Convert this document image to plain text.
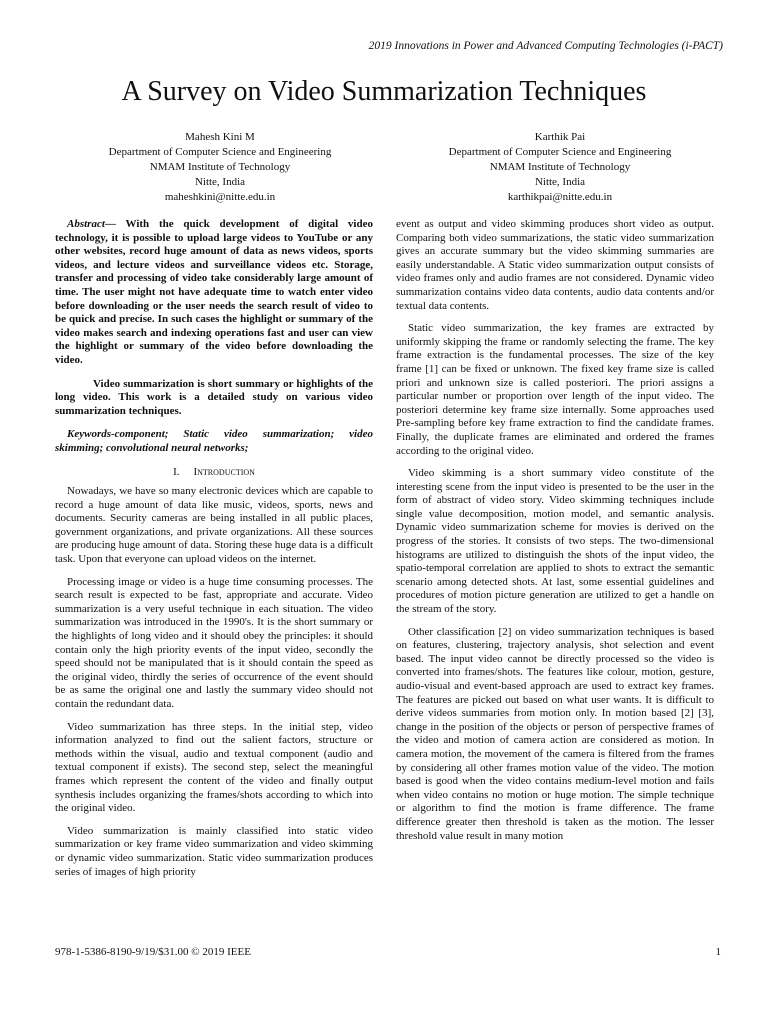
2019 Innovations in Power and Advanced Computing Technologies (i-PACT)
A Survey on Video Summarization Techniques
Mahesh Kini M
Department of Computer Science and Engineering
NMAM Institute of Technology
Nitte, India
maheshkini@nitte.edu.in
Karthik Pai
Department of Computer Science and Engineering
NMAM Institute of Technology
Nitte, India
karthikpai@nitte.edu.in

Abstract— With the quick development of digital video technology, it is possible to upload large videos to YouTube or any other websites, record huge amount of data as news videos, sports videos, and lecture videos and surveillance videos etc. Storage, transfer and processing of video take considerably large amount of time. The user might not have adequate time to watch enter video before downloading or the user needs the search result of video to be quick and precise. In such cases the highlight or summary of the video makes search and indexing operations fast and user can view the highlight or summary of the video before downloading the video.

Video summarization is short summary or highlights of the long video. This work is a detailed study on various video summarization techniques.

Keywords-component; Static video summarization; video skimming; convolutional neural networks;

I. Introduction

Nowadays, we have so many electronic devices which are capable to record a huge amount of data like music, videos, sports, news and documents. Security cameras are being installed in all public places, government organizations, and private organizations. All these sources are producing huge amount of data. Storing these huge data is a difficult task. Upon that everyone can upload videos on the internet.

Processing image or video is a huge time consuming processes. The search result is expected to be fast, appropriate and accurate. Video summarization is a very useful technique in each situation. The video summarization was introduced in the 1990's. It is the short summary or the highlights of long video and it should obey the principles: it should contain only the high priority events of the input video, secondly the speed should not be manipulated that is it should contain the speed as the original video, thirdly the series of occurrence of the event should be as same the original one and lastly the summary video should not contain the redundant data.

Video summarization has three steps. In the initial step, video information analyzed to find out the salient factors, structure or methods within the visual, audio and textual component (audio and textual component if exists). The second step, select the meaningful frames which represent the content of the video and finally output synthesis includes organizing the frames/shots according to which into the original video.

Video summarization is mainly classified into static video summarization or key frame video summarization and video skimming or dynamic video summarization. Static video summarization produces series of images of high priority

event as output and video skimming produces short video as output. Comparing both video summarizations, the static video summarization gives an accurate summary but the video skimming summaries are easily understandable. A Static video summarization output consists of video frames only and audio frames are not considered. Dynamic video summarization contains video data contents, audio data contents and/or textual data contents.

Static video summarization, the key frames are extracted by uniformly skipping the frame or randomly selecting the frame. The key frame extraction is the fundamental processes. The size of the key frame [1] can be fixed or unknown. The fixed key frame size is called priori and unknown size is called posteriori. The priori assigns a particular number or proportion over length of the input video. The posteriori determine key frame size internally. Some approaches used Pre-sampling before key frame extraction to find the candidate frames. Finally, the duplicate frames are eliminated and ordered the frames according to the original video.

Video skimming is a short summary video constitute of the interesting scene from the input video is presented to be the user in the form of abstract of video story. Video skimming techniques include single value decomposition, motion model, and semantic analysis. Dynamic video summarization scheme for movies is derived on the progress of the stories. It consists of two steps. The two-dimensional histograms are utilized to distinguish the shots of the input video, the spatio-temporal correlation are applied to shots to extract the semantic scenario among detected shots. At last, some essential guidelines and procedures of motion picture generation are utilized to get a handle on the stream of the story.

Other classification [2] on video summarization techniques is based on features, clustering, trajectory analysis, shot selection and event based. The input video cannot be directly processed so the video is converted into frames/shots. The features like colour, motion, gesture, audio-visual and event-based approach are used to extract key frames. The features are picked out based on what user wants. It is difficult to derive videos summaries from motion only. In motion based [2] [3], change in the position of the objects or person of perspective frames of the video and motion of camera action are considered as motion. In camera motion, the movement of the camera is filtered from the frames by considering all other frames motion value of the video. The motion based is good when the video contains medium-level motion and fails when video contains no motion or huge motion. The simple technique or algorithm to find the motion is frame difference. The frame difference greater then threshold is taken as the motion. The lesser threshold value result in many motion

978-1-5386-8190-9/19/$31.00 © 2019 IEEE	1
